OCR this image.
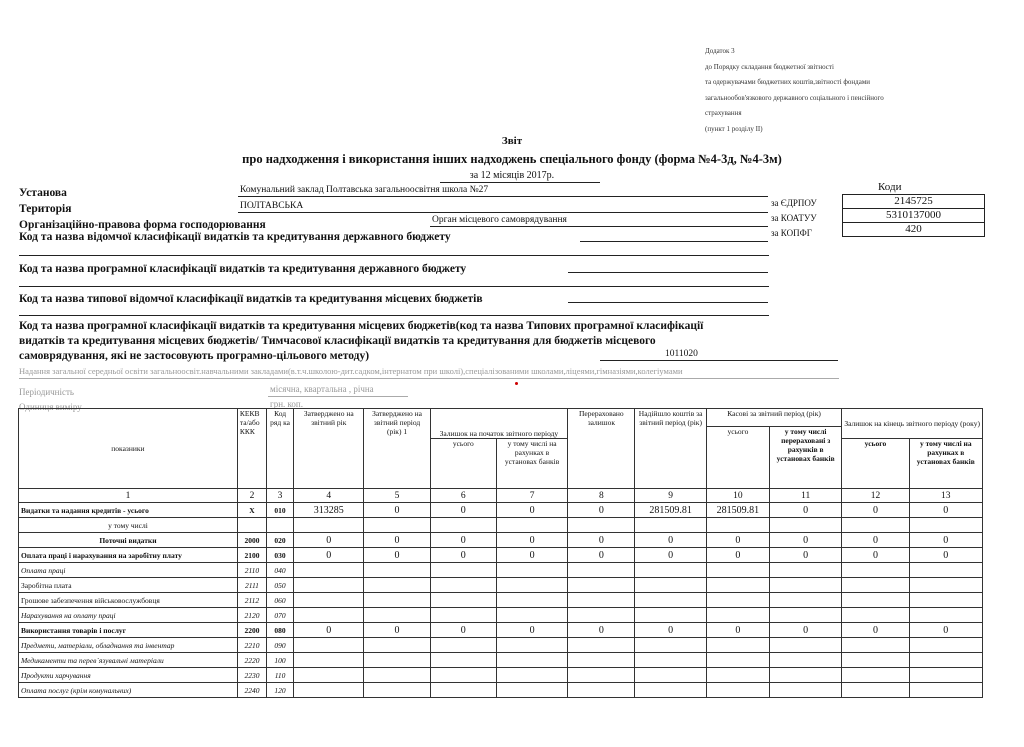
Додаток 3
до Порядку складання бюджетної звітності
та одержувачами бюджетних коштів,звітності фондами
загальнообов'язкового державного соціального і пенсійного
страхування
(пункт 1 розділу II)
Звіт
про надходження і використання інших надходжень спеціального фонду (форма №4-3д, №4-3м)
за 12 місяців 2017р.
Коди
2145725
5310137000
420
за ЄДРПОУ
за КОАТУУ
за КОПФГ
Установа	Комунальний заклад Полтавська загальноосвітня школа №27
Територія	ПОЛТАВСЬКА
Організаційно-правова форма господорювання	Орган місцевого самоврядування
Код та назва відомчої класифікації видатків та кредитування державного бюджету
Код та назва програмної класифікації видатків та кредитування державного бюджету
Код та назва типової відомчої класифікації видатків та кредитування місцевих бюджетів
Код та назва програмної класифікації видатків та кредитування місцевих бюджетів(код та назва Типових програмної класифікації
видатків та кредитування місцевих бюджетів/ Тимчасової класифікації видатків та кредитування для бюджетів місцевого
самоврядування, які не застосовують програмно-цільового методу)	1011020
Надання загальної середньої освіти загальноосвіт.навчальними закладами(в.т.ч.школою-дит.садком,інтернатом при школі),спеціалізованими школами,ліцеями,гімназіями,колегіумами
Періодичність	місячна, квартальна , річна
Одиниця виміру	грн. коп.
показники	КЕКВ та/або ККК	Код ряд ка	Затверджено на звітний рік	Затверджено на звітний період (рік) 1	Залишок на початок звітного періоду		Перераховано залишок	Надійшло коштів за звітний період (рік)	Касові за звітний період (рік)		Залишок на кінець звітного періоду (року)	
									усього	у тому числі перераховані з рахунків в установах банків		
					усього	у тому числі на рахунках в установах банків					усього	у тому числі на рахунках в установах банків
1	2	3	4	5	6	7	8	9	10	11	12	13
Видатки та надання кредитів - усього	X	010	313285	0	0	0	0	281509.81	281509.81	0	0	0
у тому числі												
Поточні видатки	2000	020	0	0	0	0	0	0	0	0	0	0
Оплата праці і нарахування на заробітну плату	2100	030	0	0	0	0	0	0	0	0	0	0
Оплата праці	2110	040										
Заробітна плата	2111	050										
Грошове забезпечення військовослужбовця	2112	060										
Нарахування на оплату праці	2120	070										
Використання товарів і послуг	2200	080	0	0	0	0	0	0	0	0	0	0
Предмети, матеріали, обладнання та інвентар	2210	090										
Медикаменти та перев`язувальні матеріали	2220	100										
Продукти харчування	2230	110										
Оплата послуг (крім комунальних)	2240	120										
